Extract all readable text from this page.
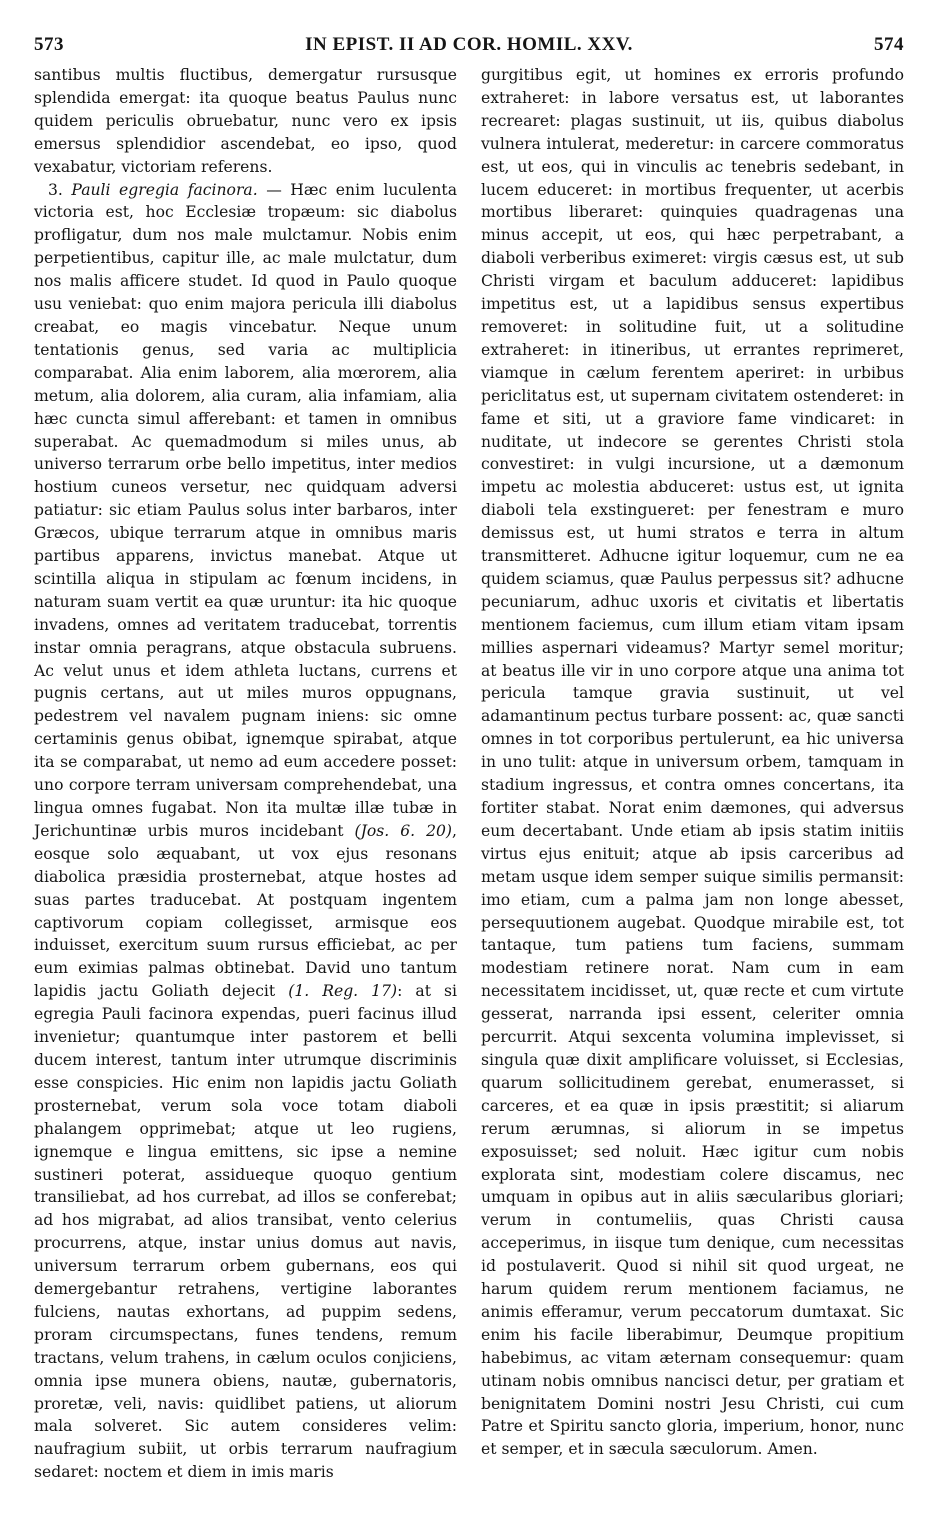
573	IN EPIST. II AD COR. HOMIL. XXV.	574

santibus multis fluctibus, demergatur rursusque splendida emergat: ita quoque beatus Paulus nunc quidem periculis obruebatur, nunc vero ex ipsis emersus splendidior ascendebat, eo ipso, quod vexabatur, victoriam referens.

3. Pauli egregia facinora. — Hæc enim luculenta victoria est, hoc Ecclesiæ tropæum: sic diabolus profligatur, dum nos male mulctamur. Nobis enim perpetientibus, capitur ille, ac male mulctatur, dum nos malis afficere studet. Id quod in Paulo quoque usu veniebat: quo enim majora pericula illi diabolus creabat, eo magis vincebatur. Neque unum tentationis genus, sed varia ac multiplicia comparabat. Alia enim laborem, alia mœrorem, alia metum, alia dolorem, alia curam, alia infamiam, alia hæc cuncta simul afferebant: et tamen in omnibus superabat. Ac quemadmodum si miles unus, ab universo terrarum orbe bello impetitus, inter medios hostium cuneos versetur, nec quidquam adversi patiatur: sic etiam Paulus solus inter barbaros, inter Græcos, ubique terrarum atque in omnibus maris partibus apparens, invictus manebat. Atque ut scintilla aliqua in stipulam ac fœnum incidens, in naturam suam vertit ea quæ uruntur: ita hic quoque invadens, omnes ad veritatem traducebat, torrentis instar omnia peragrans, atque obstacula subruens. Ac velut unus et idem athleta luctans, currens et pugnis certans, aut ut miles muros oppugnans, pedestrem vel navalem pugnam iniens: sic omne certaminis genus obibat, ignemque spirabat, atque ita se comparabat, ut nemo ad eum accedere posset: uno corpore terram universam comprehendebat, una lingua omnes fugabat. Non ita multæ illæ tubæ in Jerichuntinæ urbis muros incidebant (Jos. 6. 20), eosque solo æquabant, ut vox ejus resonans diabolica præsidia prosternebat, atque hostes ad suas partes traducebat. At postquam ingentem captivorum copiam collegisset, armisque eos induisset, exercitum suum rursus efficiebat, ac per eum eximias palmas obtinebat. David uno tantum lapidis jactu Goliath dejecit (1. Reg. 17): at si egregia Pauli facinora expendas, pueri facinus illud invenietur; quantumque inter pastorem et belli ducem interest, tantum inter utrumque discriminis esse conspicies. Hic enim non lapidis jactu Goliath prosternebat, verum sola voce totam diaboli phalangem opprimebat; atque ut leo rugiens, ignemque e lingua emittens, sic ipse a nemine sustineri poterat, assidueque quoquo gentium transiliebat, ad hos currebat, ad illos se conferebat; ad hos migrabat, ad alios transibat, vento celerius procurrens, atque, instar unius domus aut navis, universum terrarum orbem gubernans, eos qui demergebantur retrahens, vertigine laborantes fulciens, nautas exhortans, ad puppim sedens, proram circumspectans, funes tendens, remum tractans, velum trahens, in cælum oculos conjiciens, omnia ipse munera obiens, nautæ, gubernatoris, proretæ, veli, navis: quidlibet patiens, ut aliorum mala solveret. Sic autem consideres velim: naufragium subiit, ut orbis terrarum naufragium sedaret: noctem et diem in imis maris

gurgitibus egit, ut homines ex erroris profundo extraheret: in labore versatus est, ut laborantes recrearet: plagas sustinuit, ut iis, quibus diabolus vulnera intulerat, mederetur: in carcere commoratus est, ut eos, qui in vinculis ac tenebris sedebant, in lucem educeret: in mortibus frequenter, ut acerbis mortibus liberaret: quinquies quadragenas una minus accepit, ut eos, qui hæc perpetrabant, a diaboli verberibus eximeret: virgis cæsus est, ut sub Christi virgam et baculum adduceret: lapidibus impetitus est, ut a lapidibus sensus expertibus removeret: in solitudine fuit, ut a solitudine extraheret: in itineribus, ut errantes reprimeret, viamque in cælum ferentem aperiret: in urbibus periclitatus est, ut supernam civitatem ostenderet: in fame et siti, ut a graviore fame vindicaret: in nuditate, ut indecore se gerentes Christi stola convestiret: in vulgi incursione, ut a dæmonum impetu ac molestia abduceret: ustus est, ut ignita diaboli tela exstingueret: per fenestram e muro demissus est, ut humi stratos e terra in altum transmitteret. Adhucne igitur loquemur, cum ne ea quidem sciamus, quæ Paulus perpessus sit? adhucne pecuniarum, adhuc uxoris et civitatis et libertatis mentionem faciemus, cum illum etiam vitam ipsam millies aspernari videamus? Martyr semel moritur; at beatus ille vir in uno corpore atque una anima tot pericula tamque gravia sustinuit, ut vel adamantinum pectus turbare possent: ac, quæ sancti omnes in tot corporibus pertulerunt, ea hic universa in uno tulit: atque in universum orbem, tamquam in stadium ingressus, et contra omnes concertans, ita fortiter stabat. Norat enim dæmones, qui adversus eum decertabant. Unde etiam ab ipsis statim initiis virtus ejus enituit; atque ab ipsis carceribus ad metam usque idem semper suique similis permansit: imo etiam, cum a palma jam non longe abesset, persequutionem augebat. Quodque mirabile est, tot tantaque, tum patiens tum faciens, summam modestiam retinere norat. Nam cum in eam necessitatem incidisset, ut, quæ recte et cum virtute gesserat, narranda ipsi essent, celeriter omnia percurrit. Atqui sexcenta volumina implevisset, si singula quæ dixit amplificare voluisset, si Ecclesias, quarum sollicitudinem gerebat, enumerasset, si carceres, et ea quæ in ipsis præstitit; si aliarum rerum ærumnas, si aliorum in se impetus exposuisset; sed noluit. Hæc igitur cum nobis explorata sint, modestiam colere discamus, nec umquam in opibus aut in aliis sæcularibus gloriari; verum in contumeliis, quas Christi causa acceperimus, in iisque tum denique, cum necessitas id postulaverit. Quod si nihil sit quod urgeat, ne harum quidem rerum mentionem faciamus, ne animis efferamur, verum peccatorum dumtaxat. Sic enim his facile liberabimur, Deumque propitium habebimus, ac vitam æternam consequemur: quam utinam nobis omnibus nancisci detur, per gratiam et benignitatem Domini nostri Jesu Christi, cui cum Patre et Spiritu sancto gloria, imperium, honor, nunc et semper, et in sæcula sæculorum. Amen.
